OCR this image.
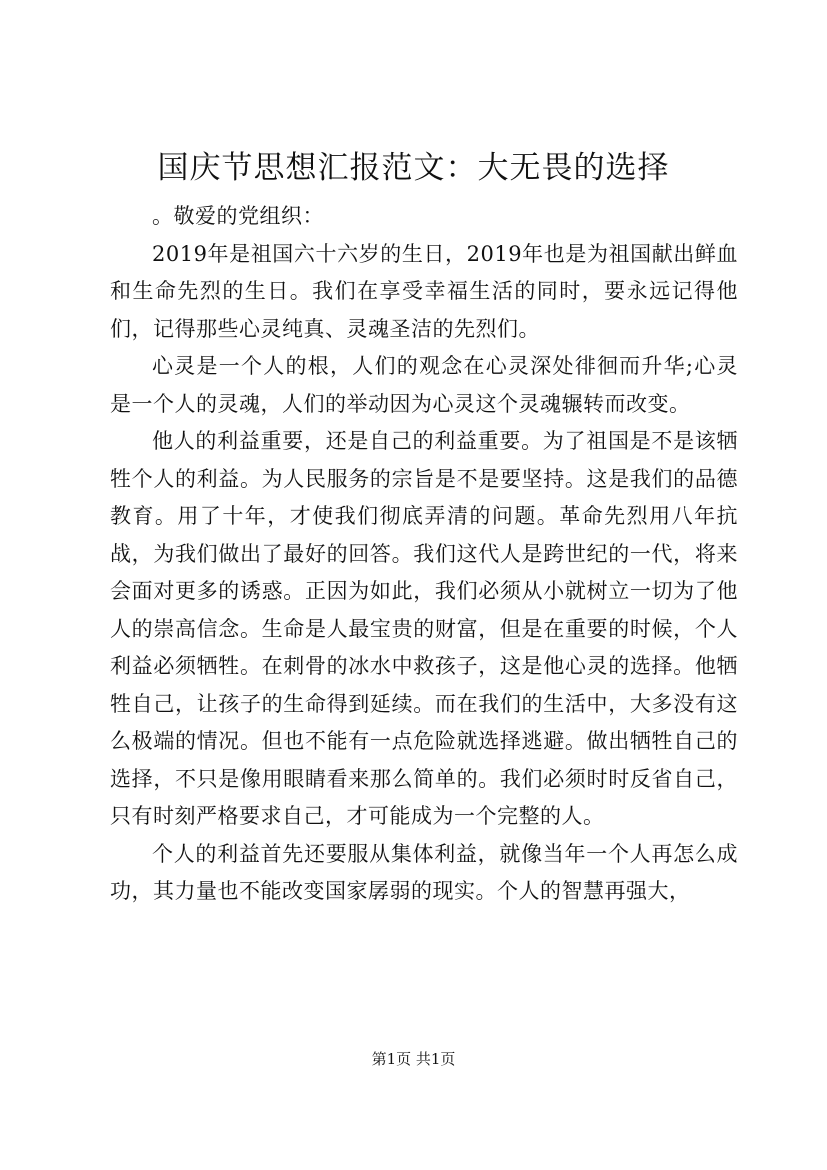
国庆节思想汇报范文：大无畏的选择

。敬爱的党组织：

2019年是祖国六十六岁的生日，2019年也是为祖国献出鲜血和生命先烈的生日。我们在享受幸福生活的同时，要永远记得他们，记得那些心灵纯真、灵魂圣洁的先烈们。

心灵是一个人的根，人们的观念在心灵深处徘徊而升华;心灵是一个人的灵魂，人们的举动因为心灵这个灵魂辗转而改变。

他人的利益重要，还是自己的利益重要。为了祖国是不是该牺牲个人的利益。为人民服务的宗旨是不是要坚持。这是我们的品德教育。用了十年，才使我们彻底弄清的问题。革命先烈用八年抗战，为我们做出了最好的回答。我们这代人是跨世纪的一代，将来会面对更多的诱惑。正因为如此，我们必须从小就树立一切为了他人的崇高信念。生命是人最宝贵的财富，但是在重要的时候，个人利益必须牺牲。在刺骨的冰水中救孩子，这是他心灵的选择。他牺牲自己，让孩子的生命得到延续。而在我们的生活中，大多没有这么极端的情况。但也不能有一点危险就选择逃避。做出牺牲自己的选择，不只是像用眼睛看来那么简单的。我们必须时时反省自己，只有时刻严格要求自己，才可能成为一个完整的人。

个人的利益首先还要服从集体利益，就像当年一个人再怎么成功，其力量也不能改变国家孱弱的现实。个人的智慧再强大，

第1页 共1页
